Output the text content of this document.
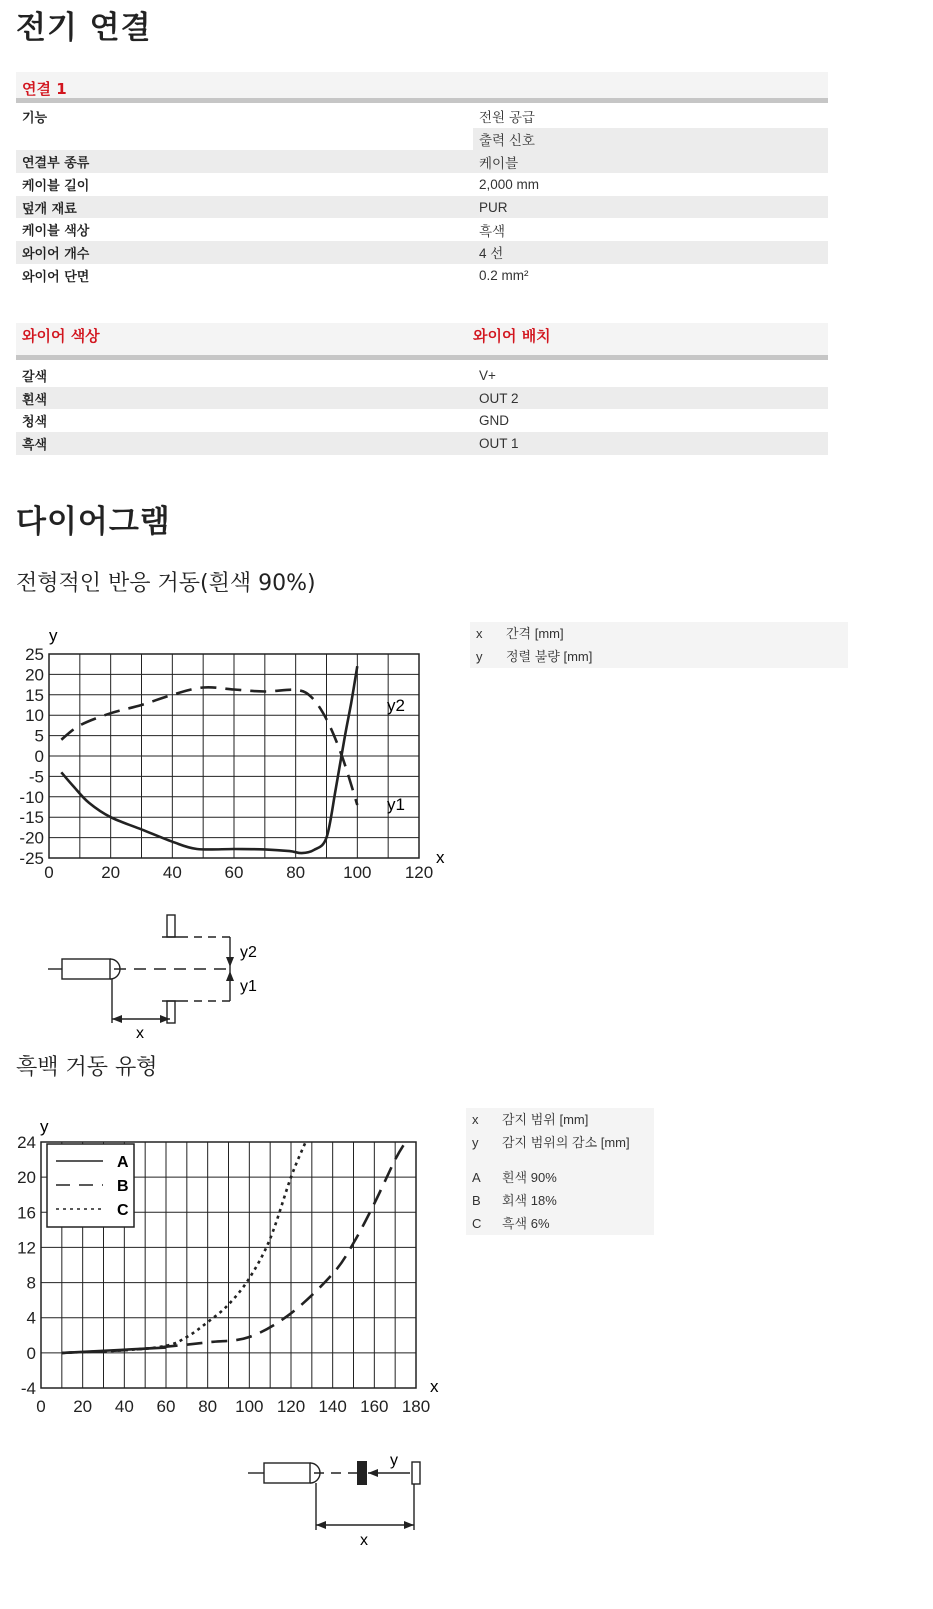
전기 연결
연결 1
기능	전원 공급
	출력 신호
연결부 종류	케이블
케이블 길이	2,000 mm
덮개 재료	PUR
케이블 색상	흑색
와이어 개수	4 선
와이어 단면	0.2 mm²
와이어 색상	와이어 배치
갈색	V+
흰색	OUT 2
청색	GND
흑색	OUT 1
다이어그램
전형적인 반응 거동(흰색 90%)
0	20	40	60	80 100 120
25
20
15
10
5
0
-5
-10
-15
-20
-25
y
x
y2
y1
x 간격 [mm]
y 정렬 불량 [mm]
y2
y1
x
흑백 거동 유형
0 20 40 60 80 100 120 140 160 180
24
20
16
12
8
4
0
-4
A
B
C
y
x
x 감지 범위 [mm]
y 감지 범위의 감소 [mm]
A 흰색 90%
B 회색 18%
C 흑색 6%
y
x
